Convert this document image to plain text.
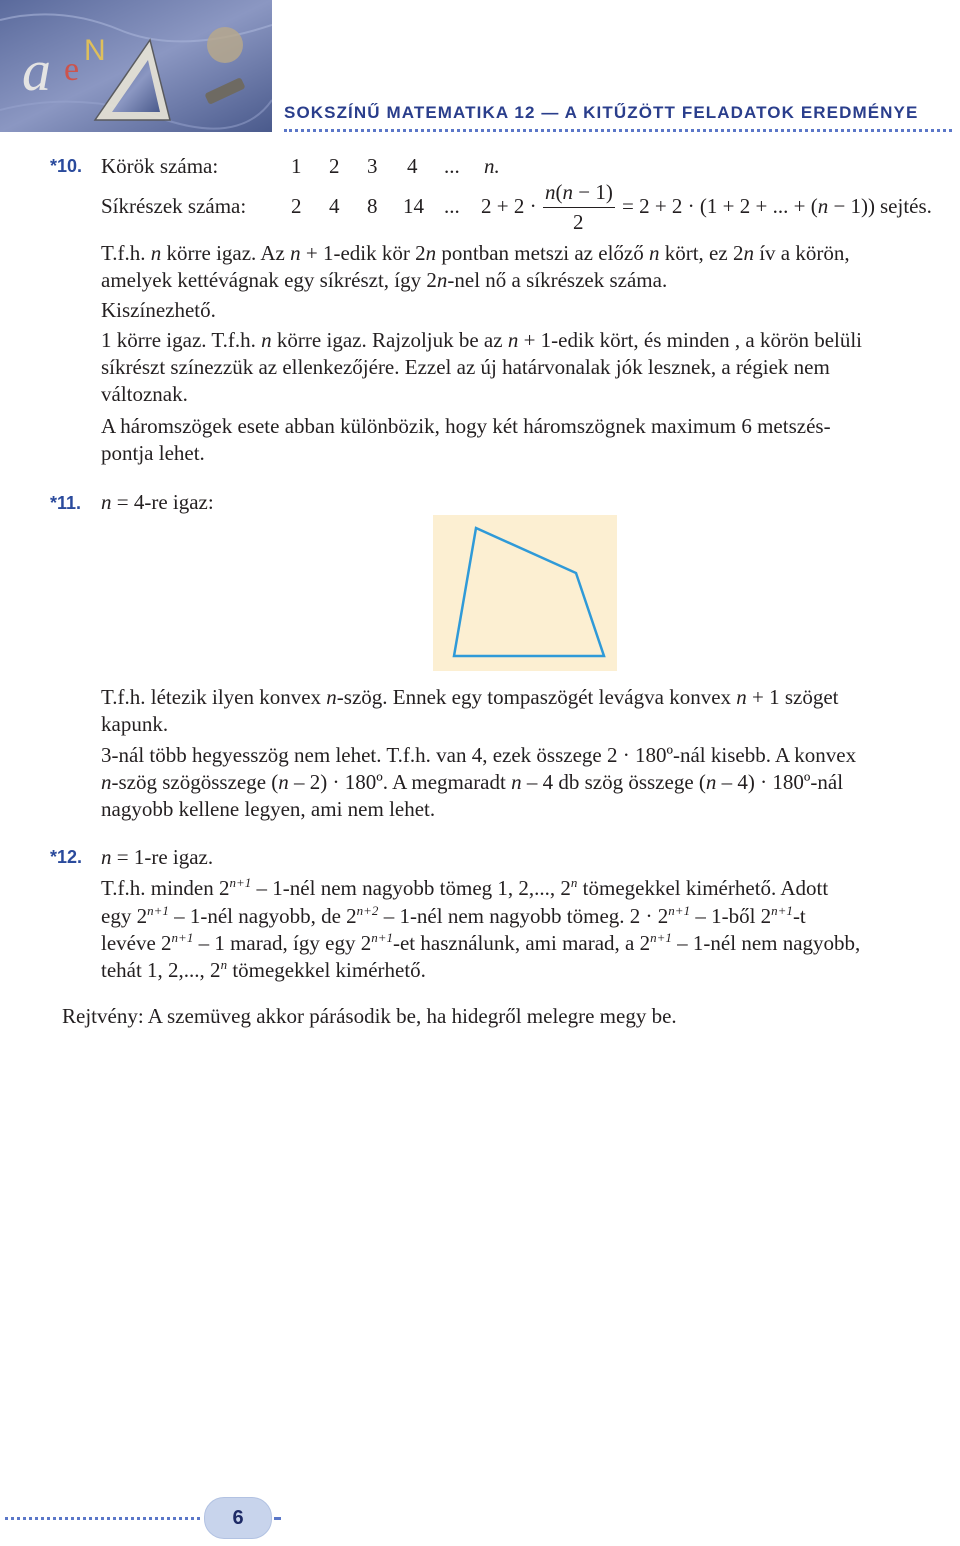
a e
N
SOKSZÍNŰ MATEMATIKA 12 — A KITŰZÖTT FELADATOK EREDMÉNYE
*10. Körök száma:	1 2 3 4 ... n.
Síkrészek száma: 2 4 8 14 ... 2 + 2 ·
n(n − 1)
2
= 2 + 2 · (1 + 2 + ... + (n − 1)) sejtés.
T.f.h. n körre igaz. Az n + 1-edik kör 2n pontban metszi az előző n kört, ez 2n ív a körön,
amelyek kettévágnak egy síkrészt, így 2n-nel nő a síkrészek száma.
Kiszínezhető.
1 körre igaz. T.f.h. n körre igaz. Rajzoljuk be az n + 1-edik kört, és minden , a körön belüli
síkrészt színezzük az ellenkezőjére. Ezzel az új határvonalak jók lesznek, a régiek nem
változnak.
A háromszögek esete abban különbözik, hogy két háromszögnek maximum 6 metszés-
pontja lehet.
*11. n = 4-re igaz:
T.f.h. létezik ilyen konvex n-szög. Ennek egy tompaszögét levágva konvex n + 1 szöget
kapunk.
3-nál több hegyesszög nem lehet. T.f.h. van 4, ezek összege 2 · 180º-nál kisebb. A konvex
n-szög szögösszege (n – 2) · 180º. A megmaradt n – 4 db szög összege (n – 4) · 180º-nál
nagyobb kellene legyen, ami nem lehet.
*12. n = 1-re igaz.
T.f.h. minden $2^{n+1}$ – 1-nél nem nagyobb tömeg 1, 2,..., 2$^n$ tömegekkel kimérhető. Adott
egy $2^{n+1}$ – 1-nél nagyobb, de $2^{n+2}$ – 1-nél nem nagyobb tömeg. $2 \cdot 2^{n+1}$ – 1-ből $2^{n+1}-t$
levéve $2^{n+1} - 1$ marad, így egy $2^{n+1}-et$ használunk, ami marad, a $2^{n+1}$ – 1-nél nem nagyobb,
tehát 1, 2,..., 2$^n$ tömegekkel kimérhető.
Rejtvény: A szemüveg akkor párásodik be, ha hidegről melegre megy be.
6
